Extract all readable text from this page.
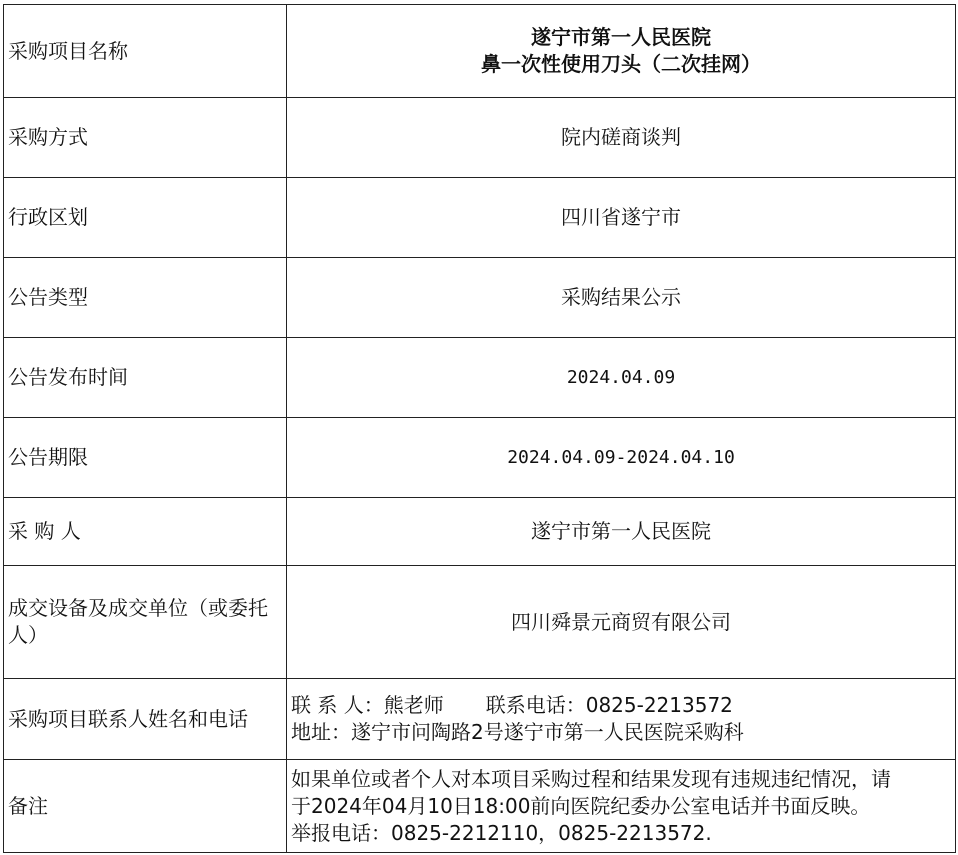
采购项目名称	遂宁市第一人民医院
鼻一次性使用刀头（二次挂网）

采购方式	院内磋商谈判
行政区划	四川省遂宁市
公告类型	采购结果公示
公告发布时间	2024.04.09
公告期限	2024.04.09-2024.04.10
采 购 人	遂宁市第一人民医院
成交设备及成交单位（或委托人）	四川舜景元商贸有限公司
采购项目联系人姓名和电话	联 系 人：熊老师 联系电话：0825-2213572
地址：遂宁市问陶路2号遂宁市第一人民医院采购科

备注	如果单位或者个人对本项目采购过程和结果发现有违规违纪情况，请
于2024年04月10日18:00前向医院纪委办公室电话并书面反映。
举报电话：0825-2212110，0825-2213572.
